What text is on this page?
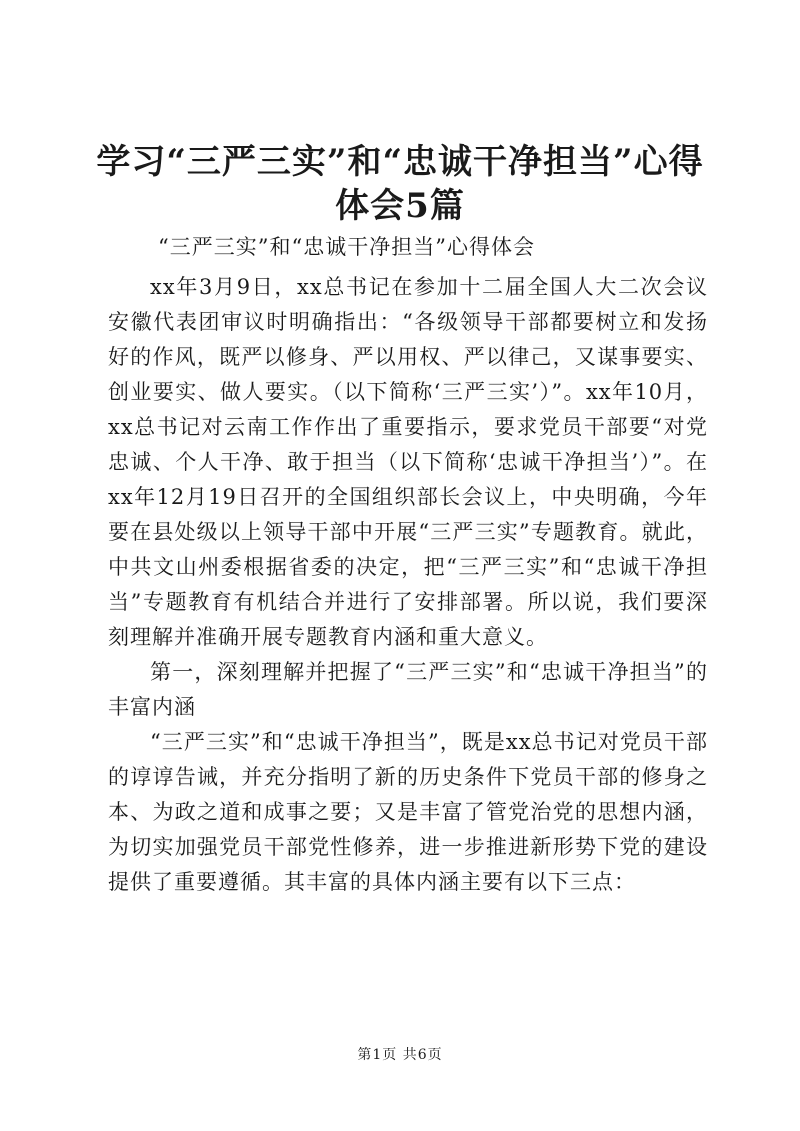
学习“三严三实”和“忠诚干净担当”心得体会5篇
“三严三实”和“忠诚干净担当”心得体会

xx年3月9日，xx总书记在参加十二届全国人大二次会议安徽代表团审议时明确指出：“各级领导干部都要树立和发扬好的作风，既严以修身、严以用权、严以律己，又谋事要实、创业要实、做人要实。（以下简称‘三严三实’）”。xx年10月，xx总书记对云南工作作出了重要指示，要求党员干部要“对党忠诚、个人干净、敢于担当（以下简称‘忠诚干净担当’）”。在xx年12月19日召开的全国组织部长会议上，中央明确，今年要在县处级以上领导干部中开展“三严三实”专题教育。就此，中共文山州委根据省委的决定，把“三严三实”和“忠诚干净担当”专题教育有机结合并进行了安排部署。所以说，我们要深刻理解并准确开展专题教育内涵和重大意义。

第一，深刻理解并把握了“三严三实”和“忠诚干净担当”的丰富内涵

“三严三实”和“忠诚干净担当”，既是xx总书记对党员干部的谆谆告诫，并充分指明了新的历史条件下党员干部的修身之本、为政之道和成事之要；又是丰富了管党治党的思想内涵，为切实加强党员干部党性修养，进一步推进新形势下党的建设提供了重要遵循。其丰富的具体内涵主要有以下三点：

第1页 共6页
